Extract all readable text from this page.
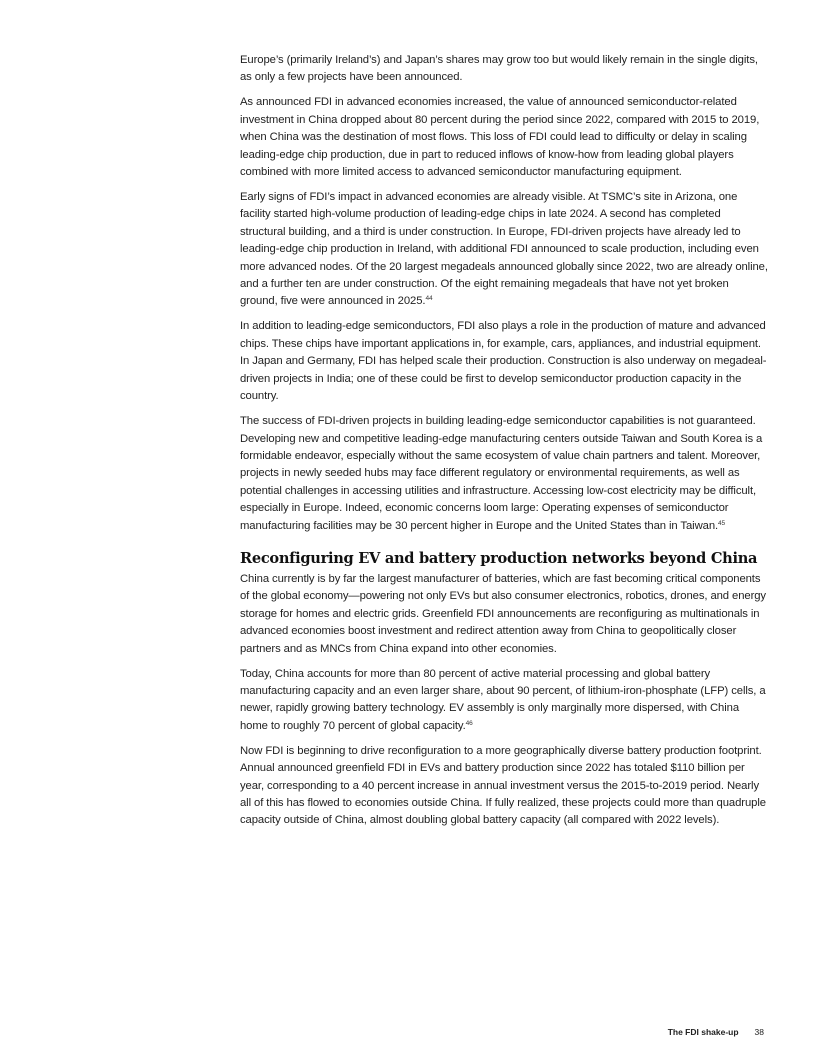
Europe’s (primarily Ireland’s) and Japan’s shares may grow too but would likely remain in the single digits, as only a few projects have been announced.

As announced FDI in advanced economies increased, the value of announced semiconductor-related investment in China dropped about 80 percent during the period since 2022, compared with 2015 to 2019, when China was the destination of most flows. This loss of FDI could lead to difficulty or delay in scaling leading-edge chip production, due in part to reduced inflows of know-how from leading global players combined with more limited access to advanced semiconductor manufacturing equipment.

Early signs of FDI’s impact in advanced economies are already visible. At TSMC’s site in Arizona, one facility started high-volume production of leading-edge chips in late 2024. A second has completed structural building, and a third is under construction. In Europe, FDI-driven projects have already led to leading-edge chip production in Ireland, with additional FDI announced to scale production, including even more advanced nodes. Of the 20 largest megadeals announced globally since 2022, two are already online, and a further ten are under construction. Of the eight remaining megadeals that have not yet broken ground, five were announced in 2025.44

In addition to leading-edge semiconductors, FDI also plays a role in the production of mature and advanced chips. These chips have important applications in, for example, cars, appliances, and industrial equipment. In Japan and Germany, FDI has helped scale their production. Construction is also underway on megadeal-driven projects in India; one of these could be first to develop semiconductor production capacity in the country.

The success of FDI-driven projects in building leading-edge semiconductor capabilities is not guaranteed. Developing new and competitive leading-edge manufacturing centers outside Taiwan and South Korea is a formidable endeavor, especially without the same ecosystem of value chain partners and talent. Moreover, projects in newly seeded hubs may face different regulatory or environmental requirements, as well as potential challenges in accessing utilities and infrastructure. Accessing low-cost electricity may be difficult, especially in Europe. Indeed, economic concerns loom large: Operating expenses of semiconductor manufacturing facilities may be 30 percent higher in Europe and the United States than in Taiwan.$^{45}$

Reconfiguring EV and battery production networks beyond China

China currently is by far the largest manufacturer of batteries, which are fast becoming critical components of the global economy—powering not only EVs but also consumer electronics, robotics, drones, and energy storage for homes and electric grids. Greenfield FDI announcements are reconfiguring as multinationals in advanced economies boost investment and redirect attention away from China to geopolitically closer partners and as MNCs from China expand into other economies.

Today, China accounts for more than 80 percent of active material processing and global battery manufacturing capacity and an even larger share, about 90 percent, of lithium-iron-phosphate (LFP) cells, a newer, rapidly growing battery technology. EV assembly is only marginally more dispersed, with China home to roughly 70 percent of global capacity.$^{46}$

Now FDI is beginning to drive reconfiguration to a more geographically diverse battery production footprint. Annual announced greenfield FDI in EVs and battery production since 2022 has totaled $110 billion per year, corresponding to a 40 percent increase in annual investment versus the 2015-to-2019 period. Nearly all of this has flowed to economies outside China. If fully realized, these projects could more than quadruple capacity outside of China, almost doubling global battery capacity (all compared with 2022 levels).

The FDI shake-up 38
